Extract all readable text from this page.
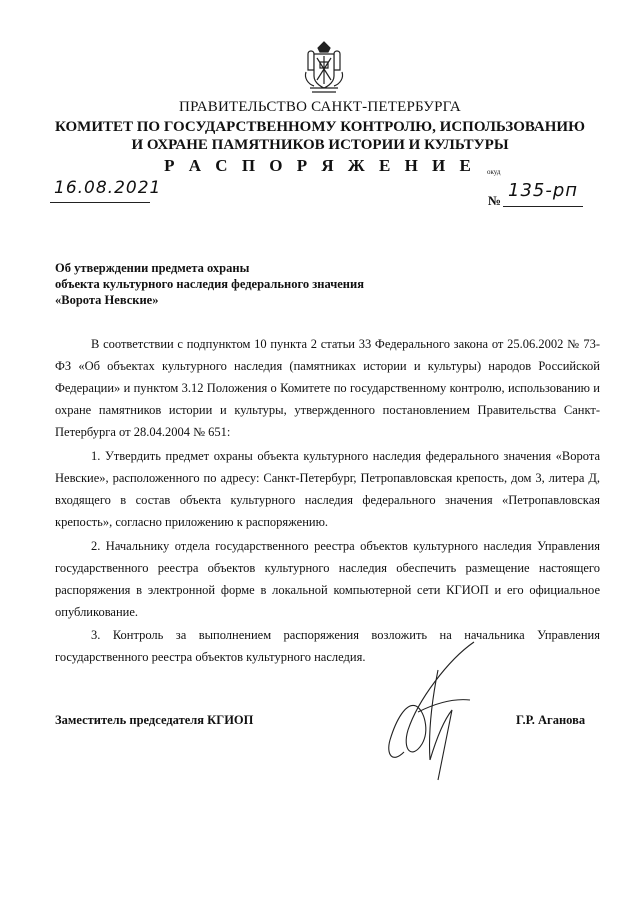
ПРАВИТЕЛЬСТВО САНКТ-ПЕТЕРБУРГА
КОМИТЕТ ПО ГОСУДАРСТВЕННОМУ КОНТРОЛЮ, ИСПОЛЬЗОВАНИЮ
И ОХРАНЕ ПАМЯТНИКОВ ИСТОРИИ И КУЛЬТУРЫ
Р А С П О Р Я Ж Е Н И Е	окуд
16.08.2021
№ 135-рп
Об утверждении предмета охраны
объекта культурного наследия федерального значения
«Ворота Невские»
В соответствии с подпунктом 10 пункта 2 статьи 33 Федерального закона от 25.06.2002 № 73-ФЗ «Об объектах культурного наследия (памятниках истории и культуры) народов Российской Федерации» и пунктом 3.12 Положения о Комитете по государственному контролю, использованию и охране памятников истории и культуры, утвержденного постановлением Правительства Санкт-Петербурга от 28.04.2004 № 651:
1. Утвердить предмет охраны объекта культурного наследия федерального значения «Ворота Невские», расположенного по адресу: Санкт-Петербург, Петропавловская крепость, дом 3, литера Д, входящего в состав объекта культурного наследия федерального значения «Петропавловская крепость», согласно приложению к распоряжению.
2. Начальнику отдела государственного реестра объектов культурного наследия Управления государственного реестра объектов культурного наследия обеспечить размещение настоящего распоряжения в электронной форме в локальной компьютерной сети КГИОП и его официальное опубликование.
3. Контроль за выполнением распоряжения возложить на начальника Управления государственного реестра объектов культурного наследия.
Заместитель председателя КГИОП	Г.Р. Агaнова
